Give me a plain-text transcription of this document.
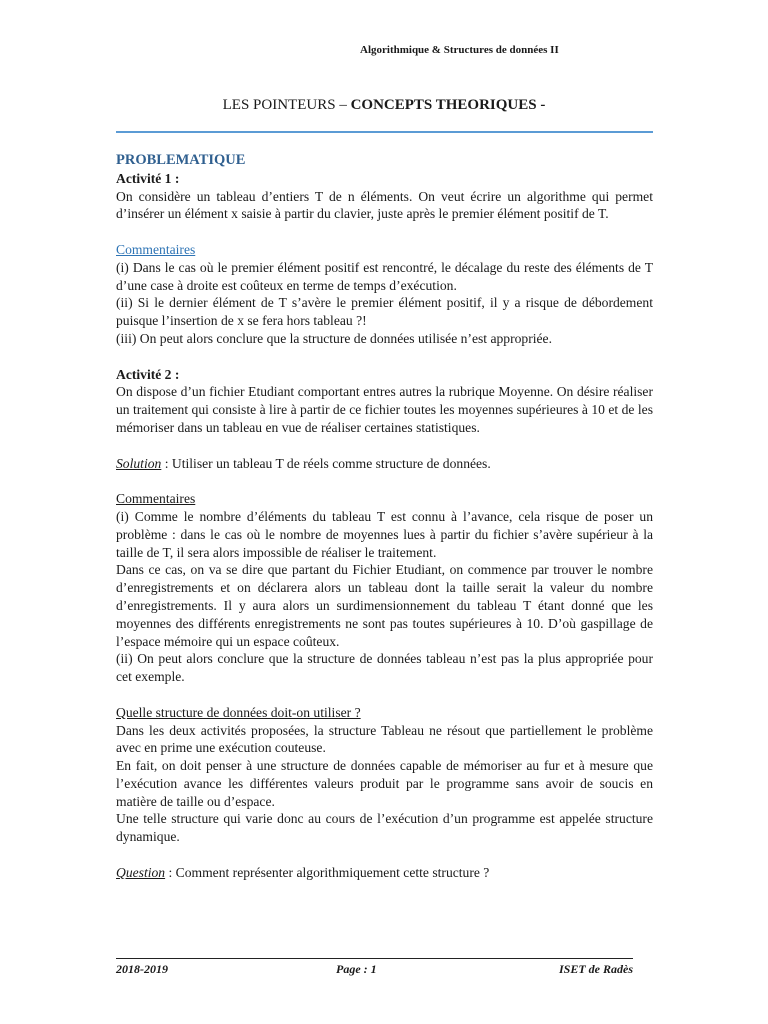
Algorithmique & Structures de données II
LES POINTEURS – CONCEPTS THEORIQUES -

PROBLEMATIQUE

Activité 1 :

On considère un tableau d’entiers T de n éléments. On veut écrire un algorithme qui permet d’insérer un élément x saisie à partir du clavier, juste après le premier élément positif de T.

Commentaires

(i) Dans le cas où le premier élément positif est rencontré, le décalage du reste des éléments de T d’une case à droite est coûteux en terme de temps d’exécution.

(ii) Si le dernier élément de T s’avère le premier élément positif, il y a risque de débordement puisque l’insertion de x se fera hors tableau ?!

(iii) On peut alors conclure que la structure de données utilisée n’est appropriée.

Activité 2 :

On dispose d’un fichier Etudiant comportant entres autres la rubrique Moyenne. On désire réaliser un traitement qui consiste à lire à partir de ce fichier toutes les moyennes supérieures à 10 et de les mémoriser dans un tableau en vue de réaliser certaines statistiques.

Solution : Utiliser un tableau T de réels comme structure de données.

Commentaires

(i) Comme le nombre d’éléments du tableau T est connu à l’avance, cela risque de poser un problème : dans le cas où le nombre de moyennes lues à partir du fichier s’avère supérieur à la taille de T, il sera alors impossible de réaliser le traitement.

Dans ce cas, on va se dire que partant du Fichier Etudiant, on commence par trouver le nombre d’enregistrements et on déclarera alors un tableau dont la taille serait la valeur du nombre d’enregistrements. Il y aura alors un surdimensionnement du tableau T étant donné que les moyennes des différents enregistrements ne sont pas toutes supérieures à 10. D’où gaspillage de l’espace mémoire qui un espace coûteux.

(ii) On peut alors conclure que la structure de données tableau n’est pas la plus appropriée pour cet exemple.

Quelle structure de données doit-on utiliser ?

Dans les deux activités proposées, la structure Tableau ne résout que partiellement le problème avec en prime une exécution couteuse.

En fait, on doit penser à une structure de données capable de mémoriser au fur et à mesure que l’exécution avance les différentes valeurs produit par le programme sans avoir de soucis en matière de taille ou d’espace.

Une telle structure qui varie donc au cours de l’exécution d’un programme est appelée structure dynamique.

Question : Comment représenter algorithmiquement cette structure ?

2018-2019	Page : 1	ISET de Radès
